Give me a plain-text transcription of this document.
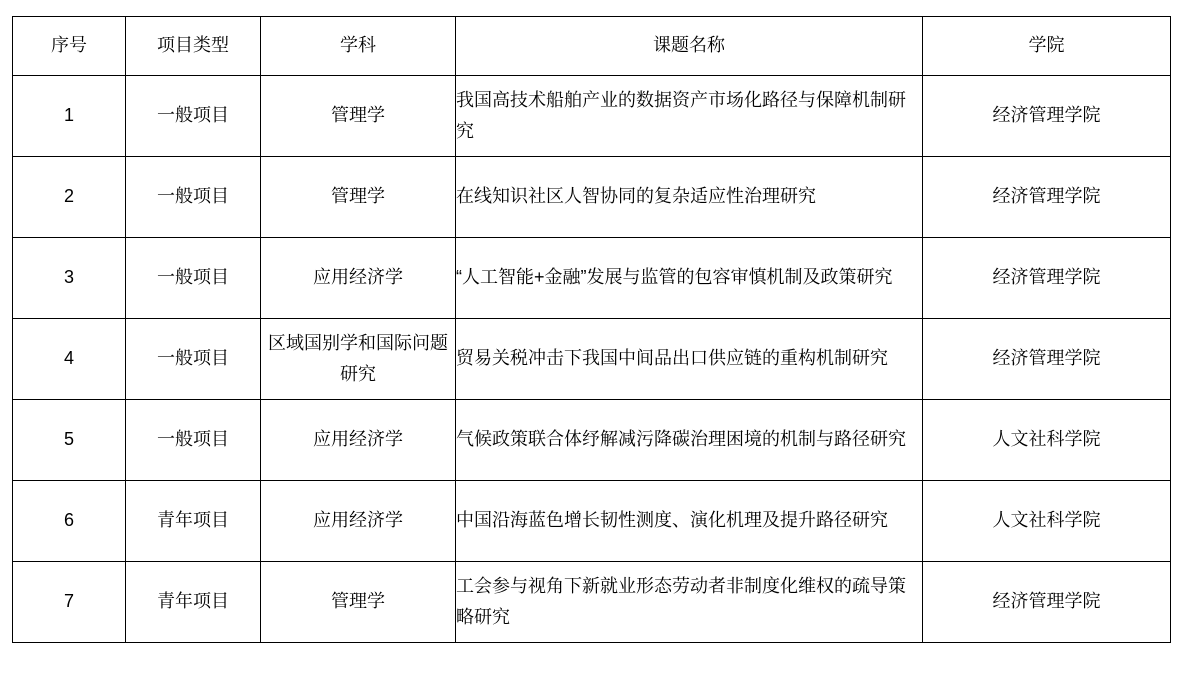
序号	项目类型	学科	课题名称	学院
1	一般项目	管理学	我国高技术船舶产业的数据资产市场化路径与保障机制研究	经济管理学院
2	一般项目	管理学	在线知识社区人智协同的复杂适应性治理研究	经济管理学院
3	一般项目	应用经济学	“人工智能+金融”发展与监管的包容审慎机制及政策研究	经济管理学院
4	一般项目	区域国别学和国际问题研究	贸易关税冲击下我国中间品出口供应链的重构机制研究	经济管理学院
5	一般项目	应用经济学	气候政策联合体纾解减污降碳治理困境的机制与路径研究	人文社科学院
6	青年项目	应用经济学	中国沿海蓝色增长韧性测度、演化机理及提升路径研究	人文社科学院
7	青年项目	管理学	工会参与视角下新就业形态劳动者非制度化维权的疏导策略研究	经济管理学院
